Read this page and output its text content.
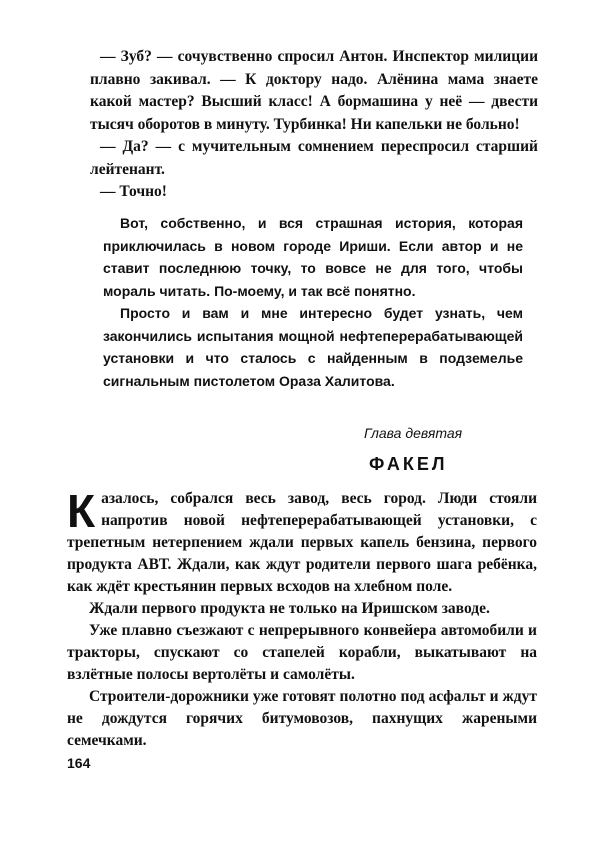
— Зуб? — сочувственно спросил Антон. Инспектор милиции плавно закивал. — К доктору надо. Алёнина мама знаете какой мастер? Высший класс! А бормашина у неё — двести тысяч оборотов в минуту. Турбинка! Ни капельки не больно!

— Да? — с мучительным сомнением переспросил старший лейтенант.

— Точно!

Вот, собственно, и вся страшная история, которая приключилась в новом городе Ириши. Если автор и не ставит последнюю точку, то вовсе не для того, чтобы мораль читать. По-моему, и так всё понятно.

Просто и вам и мне интересно будет узнать, чем закончились испытания мощной нефтеперерабатывающей установки и что сталось с найденным в подземелье сигнальным пистолетом Ораза Халитова.

Глава девятая
ФАКЕЛ

Казалось, собрался весь завод, весь город. Люди стояли напротив новой нефтеперерабатывающей установки, с трепетным нетерпением ждали первых капель бензина, первого продукта АВТ. Ждали, как ждут родители первого шага ребёнка, как ждёт крестьянин первых всходов на хлебном поле.

Ждали первого продукта не только на Иришском заводе.

Уже плавно съезжают с непрерывного конвейера автомобили и тракторы, спускают со стапелей корабли, выкатывают на взлётные полосы вертолёты и самолёты.

Строители-дорожники уже готовят полотно под асфальт и ждут не дождутся горячих битумовозов, пахнущих жареными семечками.

164
